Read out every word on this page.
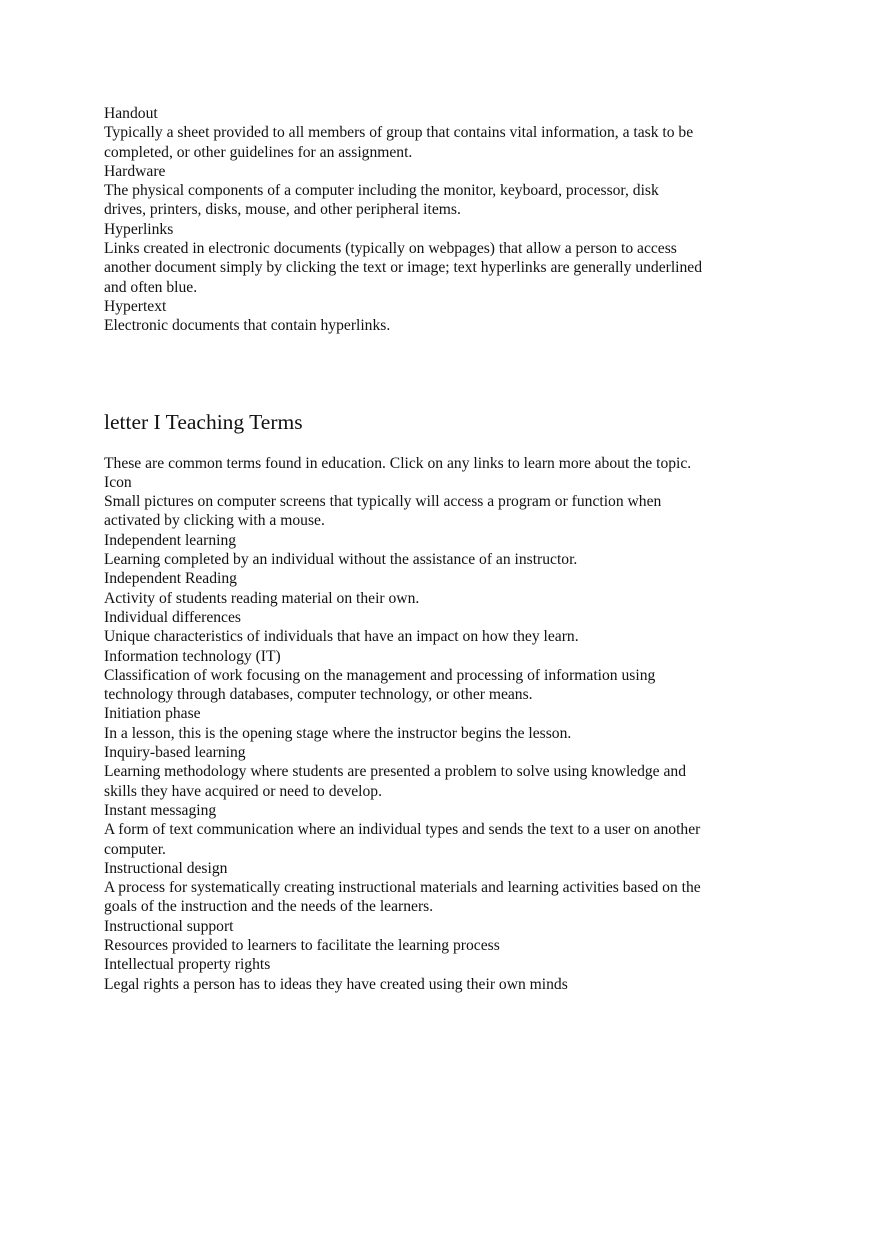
Handout

Typically a sheet provided to all members of group that contains vital information, a task to be completed, or other guidelines for an assignment.

Hardware

The physical components of a computer including the monitor, keyboard, processor, disk drives, printers, disks, mouse, and other peripheral items.

Hyperlinks

Links created in electronic documents (typically on webpages) that allow a person to access another document simply by clicking the text or image; text hyperlinks are generally underlined and often blue.

Hypertext

Electronic documents that contain hyperlinks.

letter I Teaching Terms

These are common terms found in education. Click on any links to learn more about the topic.

Icon

Small pictures on computer screens that typically will access a program or function when activated by clicking with a mouse.

Independent learning

Learning completed by an individual without the assistance of an instructor.

Independent Reading

Activity of students reading material on their own.

Individual differences

Unique characteristics of individuals that have an impact on how they learn.

Information technology (IT)

Classification of work focusing on the management and processing of information using technology through databases, computer technology, or other means.

Initiation phase

In a lesson, this is the opening stage where the instructor begins the lesson.

Inquiry-based learning

Learning methodology where students are presented a problem to solve using knowledge and skills they have acquired or need to develop.

Instant messaging

A form of text communication where an individual types and sends the text to a user on another computer.

Instructional design

A process for systematically creating instructional materials and learning activities based on the goals of the instruction and the needs of the learners.

Instructional support

Resources provided to learners to facilitate the learning process

Intellectual property rights

Legal rights a person has to ideas they have created using their own minds
